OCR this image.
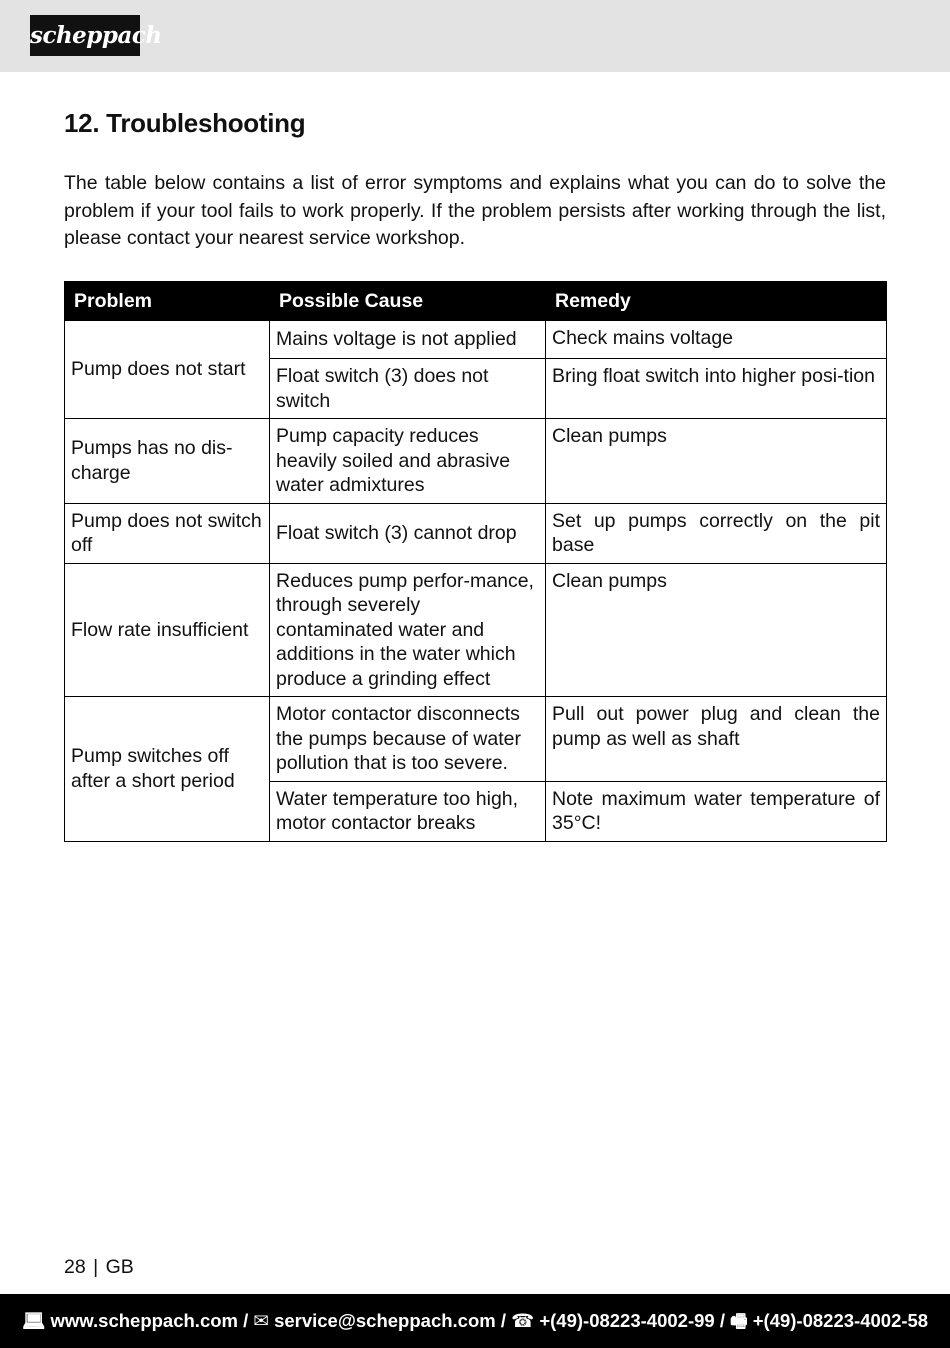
scheppach
12. Troubleshooting

The table below contains a list of error symptoms and explains what you can do to solve the problem if your tool fails to work properly. If the problem persists after working through the list, please contact your nearest service workshop.

Problem	Possible Cause	Remedy
Pump does not start	Mains voltage is not applied	Check mains voltage
	Float switch (3) does not switch	Bring float switch into higher posi-tion
Pumps has no dis-charge	Pump capacity reduces heavily soiled and abrasive water admixtures	Clean pumps
Pump does not switch off	Float switch (3) cannot drop	Set up pumps correctly on the pit base
Flow rate insufficient	Reduces pump perfor-mance, through severely contaminated water and additions in the water which produce a grinding effect	Clean pumps
Pump switches off after a short period	Motor contactor disconnects the pumps because of water pollution that is too severe.	Pull out power plug and clean the pump as well as shaft
	Water temperature too high, motor contactor breaks	Note maximum water temperature of 35°C!
28 | GB
💻︎ www.scheppach.com / ✉︎ service@scheppach.com / ☎︎ +(49)-08223-4002-99 / 🖷︎ +(49)-08223-4002-58
